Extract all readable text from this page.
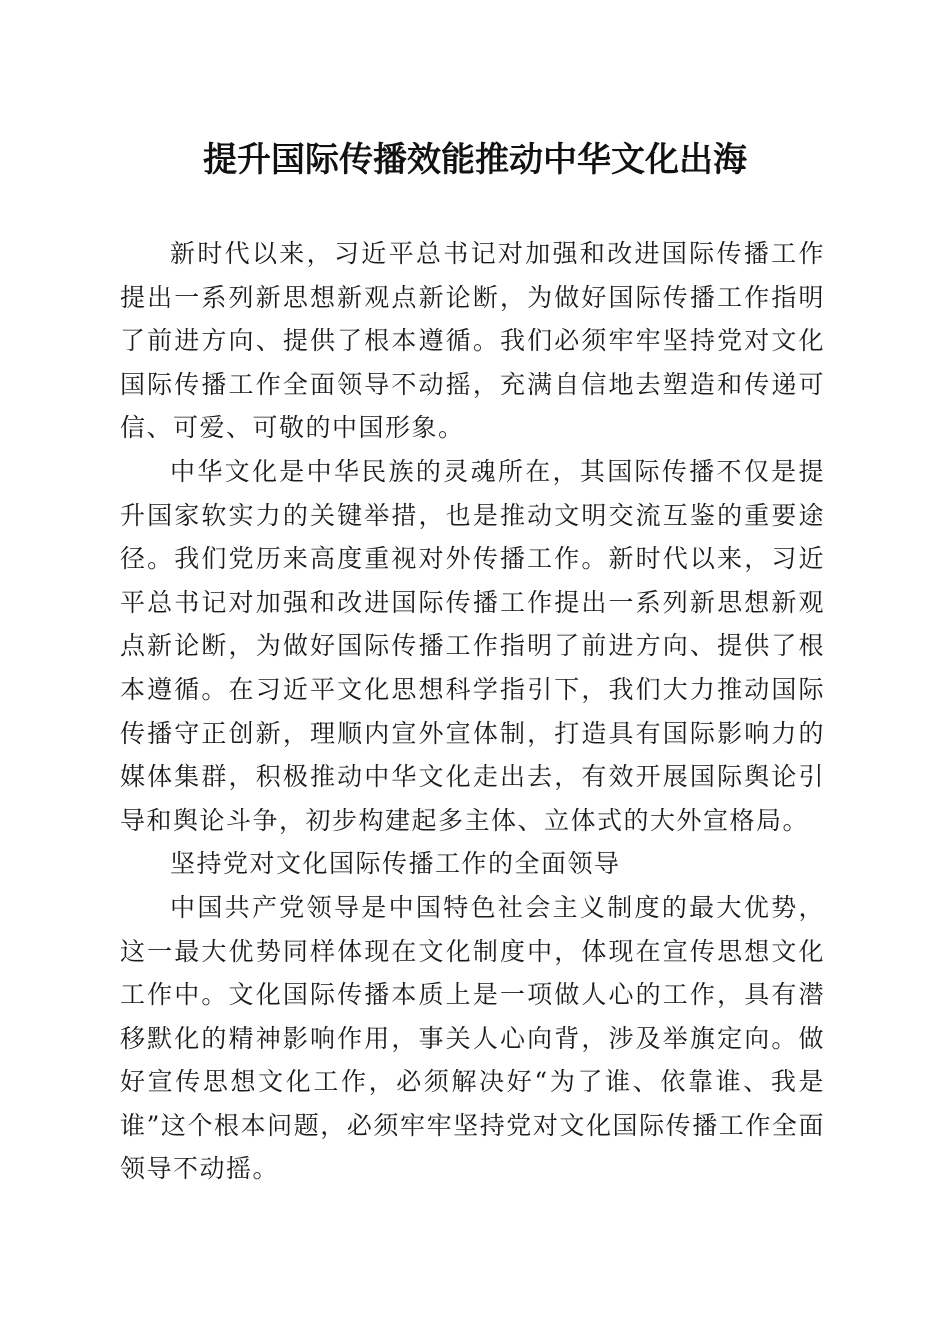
提升国际传播效能推动中华文化出海

新时代以来，习近平总书记对加强和改进国际传播工作提出一系列新思想新观点新论断，为做好国际传播工作指明了前进方向、提供了根本遵循。我们必须牢牢坚持党对文化国际传播工作全面领导不动摇，充满自信地去塑造和传递可信、可爱、可敬的中国形象。

中华文化是中华民族的灵魂所在，其国际传播不仅是提升国家软实力的关键举措，也是推动文明交流互鉴的重要途径。我们党历来高度重视对外传播工作。新时代以来，习近平总书记对加强和改进国际传播工作提出一系列新思想新观点新论断，为做好国际传播工作指明了前进方向、提供了根本遵循。在习近平文化思想科学指引下，我们大力推动国际传播守正创新，理顺内宣外宣体制，打造具有国际影响力的媒体集群，积极推动中华文化走出去，有效开展国际舆论引导和舆论斗争，初步构建起多主体、立体式的大外宣格局。

坚持党对文化国际传播工作的全面领导

中国共产党领导是中国特色社会主义制度的最大优势，这一最大优势同样体现在文化制度中，体现在宣传思想文化工作中。文化国际传播本质上是一项做人心的工作，具有潜移默化的精神影响作用，事关人心向背，涉及举旗定向。做好宣传思想文化工作，必须解决好“为了谁、依靠谁、我是谁”这个根本问题，必须牢牢坚持党对文化国际传播工作全面领导不动摇。
